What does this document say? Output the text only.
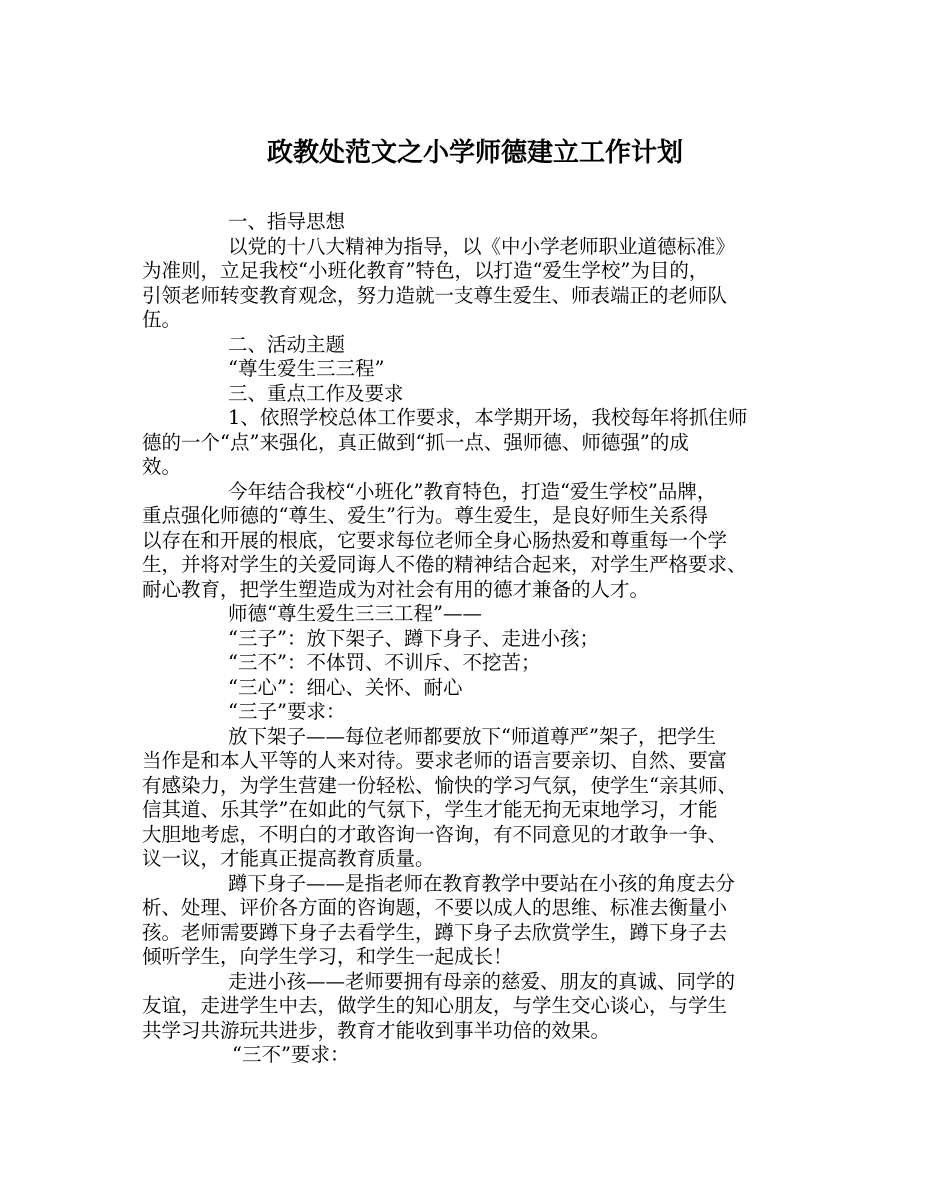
政教处范文之小学师德建立工作计划
一、指导思想
以党的十八大精神为指导，以《中小学老师职业道德标准》
为准则，立足我校“小班化教育”特色，以打造“爱生学校”为目的，
引领老师转变教育观念，努力造就一支尊生爱生、师表端正的老师队
伍。
二、活动主题
“尊生爱生三三程”
三、重点工作及要求
1、依照学校总体工作要求，本学期开场，我校每年将抓住师
德的一个“点”来强化，真正做到“抓一点、强师德、师德强”的成
效。
今年结合我校“小班化”教育特色，打造“爱生学校”品牌，
重点强化师德的“尊生、爱生”行为。尊生爱生，是良好师生关系得
以存在和开展的根底，它要求每位老师全身心肠热爱和尊重每一个学
生，并将对学生的关爱同诲人不倦的精神结合起来，对学生严格要求、
耐心教育，把学生塑造成为对社会有用的德才兼备的人才。
师德“尊生爱生三三工程”——
“三子”：放下架子、蹲下身子、走进小孩；
“三不”：不体罚、不训斥、不挖苦；
“三心”：细心、关怀、耐心
“三子”要求：
放下架子——每位老师都要放下“师道尊严”架子，把学生
当作是和本人平等的人来对待。要求老师的语言要亲切、自然、要富
有感染力，为学生营建一份轻松、愉快的学习气氛，使学生“亲其师、
信其道、乐其学”在如此的气氛下，学生才能无拘无束地学习，才能
大胆地考虑，不明白的才敢咨询一咨询，有不同意见的才敢争一争、
议一议，才能真正提高教育质量。
蹲下身子——是指老师在教育教学中要站在小孩的角度去分
析、处理、评价各方面的咨询题，不要以成人的思维、标准去衡量小
孩。老师需要蹲下身子去看学生，蹲下身子去欣赏学生，蹲下身子去
倾听学生，向学生学习，和学生一起成长！
走进小孩——老师要拥有母亲的慈爱、朋友的真诚、同学的
友谊，走进学生中去，做学生的知心朋友，与学生交心谈心，与学生
共学习共游玩共进步，教育才能收到事半功倍的效果。
“三不”要求：
